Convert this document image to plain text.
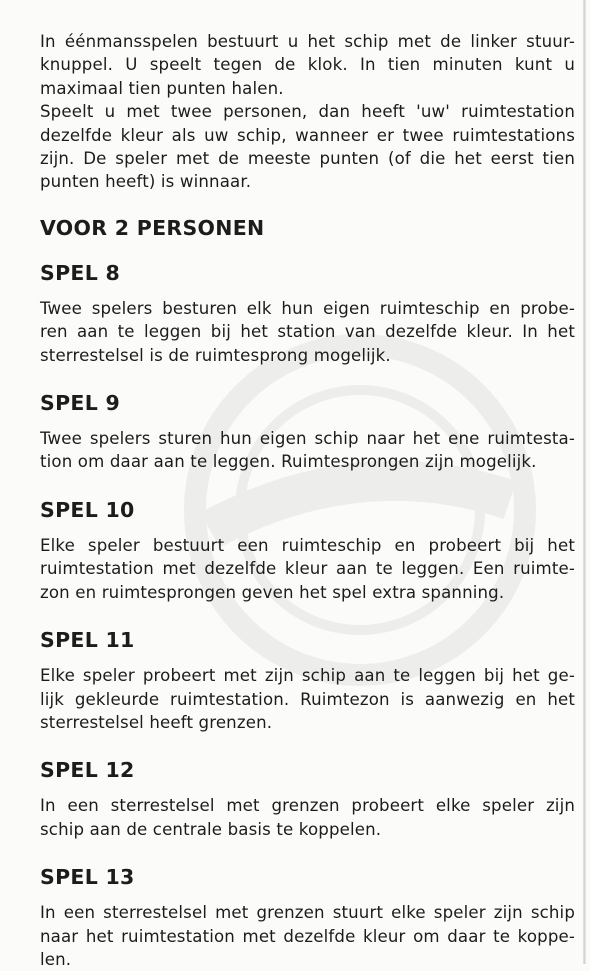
In éénmansspelen bestuurt u het schip met de linker stuur-
knuppel. U speelt tegen de klok. In tien minuten kunt u
maximaal tien punten halen.
Speelt u met twee personen, dan heeft 'uw' ruimtestation
dezelfde kleur als uw schip, wanneer er twee ruimtestations
zijn. De speler met de meeste punten (of die het eerst tien
punten heeft) is winnaar.

VOOR 2 PERSONEN
SPEL 8

Twee spelers besturen elk hun eigen ruimteschip en probe-
ren aan te leggen bij het station van dezelfde kleur. In het
sterrestelsel is de ruimtesprong mogelijk.

SPEL 9

Twee spelers sturen hun eigen schip naar het ene ruimtesta-
tion om daar aan te leggen. Ruimtesprongen zijn mogelijk.

SPEL 10

Elke speler bestuurt een ruimteschip en probeert bij het
ruimtestation met dezelfde kleur aan te leggen. Een ruimte-
zon en ruimtesprongen geven het spel extra spanning.

SPEL 11

Elke speler probeert met zijn schip aan te leggen bij het ge-
lijk gekleurde ruimtestation. Ruimtezon is aanwezig en het
sterrestelsel heeft grenzen.

SPEL 12

In een sterrestelsel met grenzen probeert elke speler zijn
schip aan de centrale basis te koppelen.

SPEL 13

In een sterrestelsel met grenzen stuurt elke speler zijn schip
naar het ruimtestation met dezelfde kleur om daar te koppe-
len.
